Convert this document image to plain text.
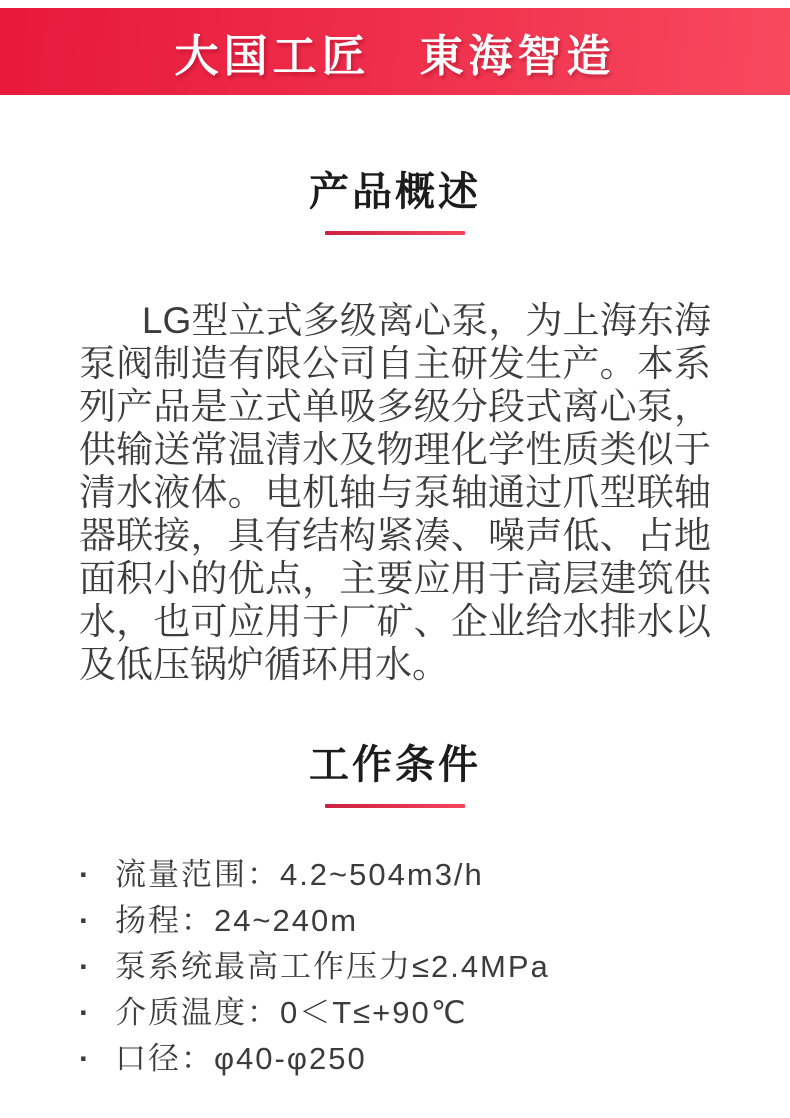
大国工匠　東海智造
产品概述

LG型立式多级离心泵，为上海东海泵阀制造有限公司自主研发生产。本系列产品是立式单吸多级分段式离心泵，供输送常温清水及物理化学性质类似于清水液体。电机轴与泵轴通过爪型联轴器联接，具有结构紧凑、噪声低、占地面积小的优点，主要应用于高层建筑供水，也可应用于厂矿、企业给水排水以及低压锅炉循环用水。

工作条件
· 流量范围：4.2~504m3/h
· 扬程：24~240m
· 泵系统最高工作压力≤2.4MPa
· 介质温度：0＜T≤+90℃
· 口径：φ40-φ250
